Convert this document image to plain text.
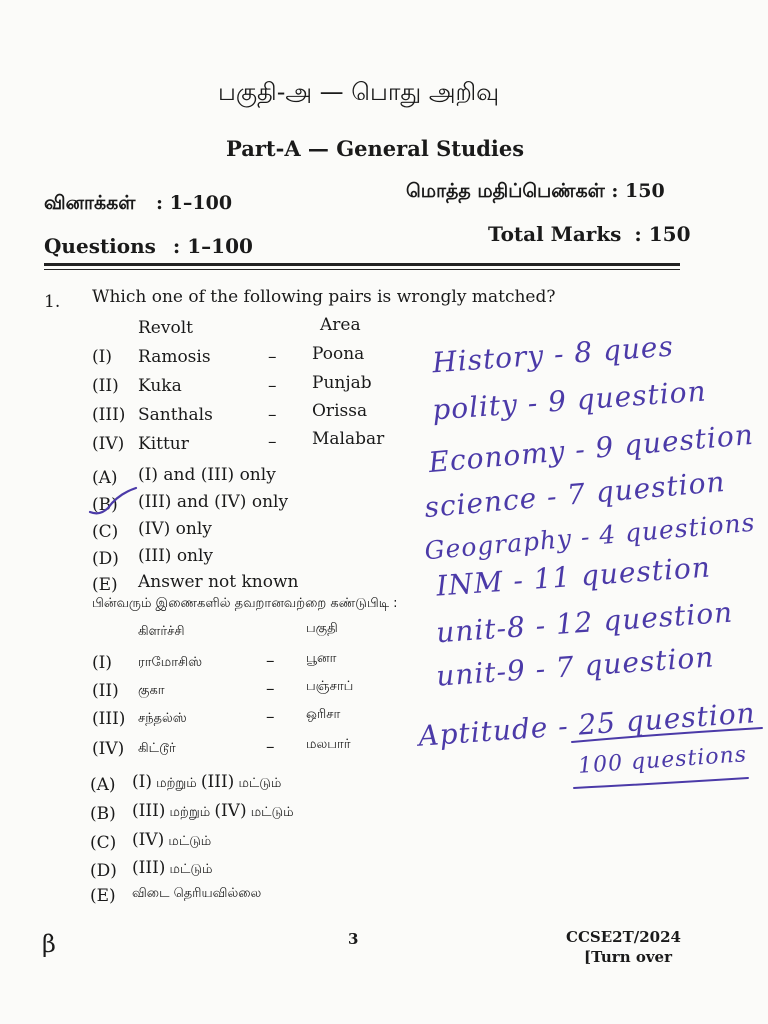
பகுதி-அ — பொது அறிவு
Part-A — General Studies
வினாக்கள் : 1–100
மொத்த மதிப்பெண்கள் : 150
Questions : 1–100	Total Marks : 150
1. Which one of the following pairs is wrongly matched?
Revolt	Area
(I) Ramosis	– Poona
(II) Kuka	– Punjab
(III) Santhals	– Orissa
(IV) Kittur	– Malabar
(A) (I) and (III) only
(B) (III) and (IV) only
(C) (IV) only
(D) (III) only
(E) Answer not known
பின்வரும் இணைகளில் தவறானவற்றை கண்டுபிடி :
கிளர்ச்சி	பகுதி
(I) ராமோசிஸ்	– பூனா
(II) குகா	– பஞ்சாப்
(III) சந்தல்ஸ்	– ஒரிசா
(IV) கிட்டூர்	– மலபார்
(A) (I) மற்றும் (III) மட்டும்
(B) (III) மற்றும் (IV) மட்டும்
(C) (IV) மட்டும்
(D) (III) மட்டும்
(E) விடை தெரியவில்லை
History - 8 ques
polity - 9 question
Economy - 9 question
science - 7 question
Geography - 4 questions
INM - 11 question
unit-8 - 12 question
unit-9 - 7 question
Aptitude - 25 question
100 questions
β	3	CCSE2T/2024
[Turn over
